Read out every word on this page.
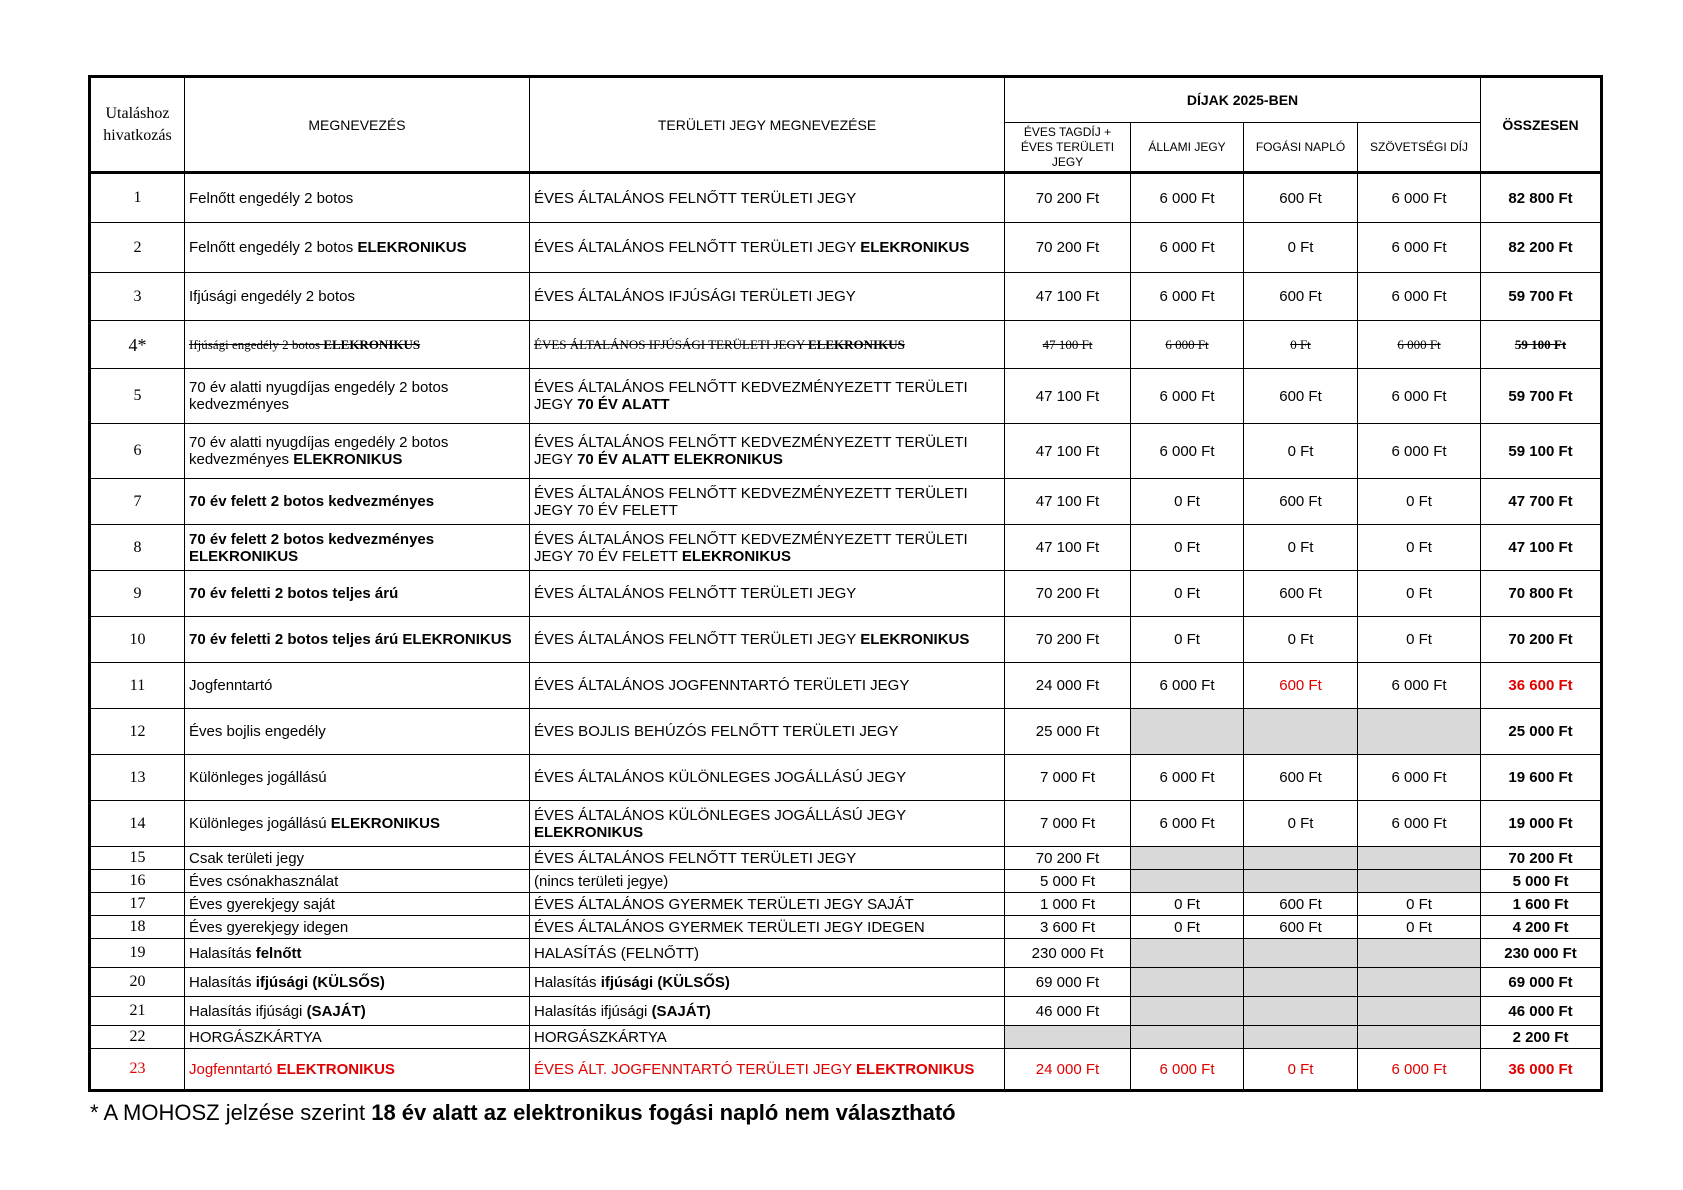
Utaláshoz hivatkozás	MEGNEVEZÉS	TERÜLETI JEGY MEGNEVEZÉSE	DÍJAK 2025-BEN				ÖSSZESEN
			ÉVES TAGDÍJ + ÉVES TERÜLETI JEGY	ÁLLAMI JEGY	FOGÁSI NAPLÓ	SZÖVETSÉGI DÍJ	
1	Felnőtt engedély 2 botos	ÉVES ÁLTALÁNOS FELNŐTT TERÜLETI JEGY	70 200 Ft	6 000 Ft	600 Ft	6 000 Ft	82 800 Ft
2	Felnőtt engedély 2 botos ELEKRONIKUS	ÉVES ÁLTALÁNOS FELNŐTT TERÜLETI JEGY ELEKRONIKUS	70 200 Ft	6 000 Ft	0 Ft	6 000 Ft	82 200 Ft
3	Ifjúsági engedély 2 botos	ÉVES ÁLTALÁNOS IFJÚSÁGI TERÜLETI JEGY	47 100 Ft	6 000 Ft	600 Ft	6 000 Ft	59 700 Ft
4*	Ifjúsági engedély 2 botos ELEKRONIKUS	ÉVES ÁLTALÁNOS IFJÚSÁGI TERÜLETI JEGY ELEKRONIKUS	47 100 Ft	6 000 Ft	0 Ft	6 000 Ft	59 100 Ft
5	70 év alatti nyugdíjas engedély 2 botos kedvezményes	ÉVES ÁLTALÁNOS FELNŐTT KEDVEZMÉNYEZETT TERÜLETI JEGY 70 ÉV ALATT	47 100 Ft	6 000 Ft	600 Ft	6 000 Ft	59 700 Ft
6	70 év alatti nyugdíjas engedély 2 botos kedvezményes ELEKRONIKUS	ÉVES ÁLTALÁNOS FELNŐTT KEDVEZMÉNYEZETT TERÜLETI JEGY 70 ÉV ALATT ELEKRONIKUS	47 100 Ft	6 000 Ft	0 Ft	6 000 Ft	59 100 Ft
7	70 év felett 2 botos kedvezményes	ÉVES ÁLTALÁNOS FELNŐTT KEDVEZMÉNYEZETT TERÜLETI JEGY 70 ÉV FELETT	47 100 Ft	0 Ft	600 Ft	0 Ft	47 700 Ft
8	70 év felett 2 botos kedvezményes ELEKRONIKUS	ÉVES ÁLTALÁNOS FELNŐTT KEDVEZMÉNYEZETT TERÜLETI JEGY 70 ÉV FELETT ELEKRONIKUS	47 100 Ft	0 Ft	0 Ft	0 Ft	47 100 Ft
9	70 év feletti 2 botos teljes árú	ÉVES ÁLTALÁNOS FELNŐTT TERÜLETI JEGY	70 200 Ft	0 Ft	600 Ft	0 Ft	70 800 Ft
10	70 év feletti 2 botos teljes árú ELEKRONIKUS	ÉVES ÁLTALÁNOS FELNŐTT TERÜLETI JEGY ELEKRONIKUS	70 200 Ft	0 Ft	0 Ft	0 Ft	70 200 Ft
11	Jogfenntartó	ÉVES ÁLTALÁNOS JOGFENNTARTÓ TERÜLETI JEGY	24 000 Ft	6 000 Ft	600 Ft	6 000 Ft	36 600 Ft
12	Éves bojlis engedély	ÉVES BOJLIS BEHÚZÓS FELNŐTT TERÜLETI JEGY	25 000 Ft				25 000 Ft
13	Különleges jogállású	ÉVES ÁLTALÁNOS KÜLÖNLEGES JOGÁLLÁSÚ JEGY	7 000 Ft	6 000 Ft	600 Ft	6 000 Ft	19 600 Ft
14	Különleges jogállású ELEKRONIKUS	ÉVES ÁLTALÁNOS KÜLÖNLEGES JOGÁLLÁSÚ JEGY ELEKRONIKUS	7 000 Ft	6 000 Ft	0 Ft	6 000 Ft	19 000 Ft
15	Csak területi jegy	ÉVES ÁLTALÁNOS FELNŐTT TERÜLETI JEGY	70 200 Ft				70 200 Ft
16	Éves csónakhasználat	(nincs területi jegye)	5 000 Ft				5 000 Ft
17	Éves gyerekjegy saját	ÉVES ÁLTALÁNOS GYERMEK TERÜLETI JEGY SAJÁT	1 000 Ft	0 Ft	600 Ft	0 Ft	1 600 Ft
18	Éves gyerekjegy idegen	ÉVES ÁLTALÁNOS GYERMEK TERÜLETI JEGY IDEGEN	3 600 Ft	0 Ft	600 Ft	0 Ft	4 200 Ft
19	Halasítás felnőtt	HALASÍTÁS (FELNŐTT)	230 000 Ft				230 000 Ft
20	Halasítás ifjúsági (KÜLSŐS)	Halasítás ifjúsági (KÜLSŐS)	69 000 Ft				69 000 Ft
21	Halasítás ifjúsági (SAJÁT)	Halasítás ifjúsági (SAJÁT)	46 000 Ft				46 000 Ft
22	HORGÁSZKÁRTYA	HORGÁSZKÁRTYA					2 200 Ft
23	Jogfenntartó ELEKTRONIKUS	ÉVES ÁLT. JOGFENNTARTÓ TERÜLETI JEGY ELEKTRONIKUS	24 000 Ft	6 000 Ft	0 Ft	6 000 Ft	36 000 Ft
* A MOHOSZ jelzése szerint 18 év alatt az elektronikus fogási napló nem választható
